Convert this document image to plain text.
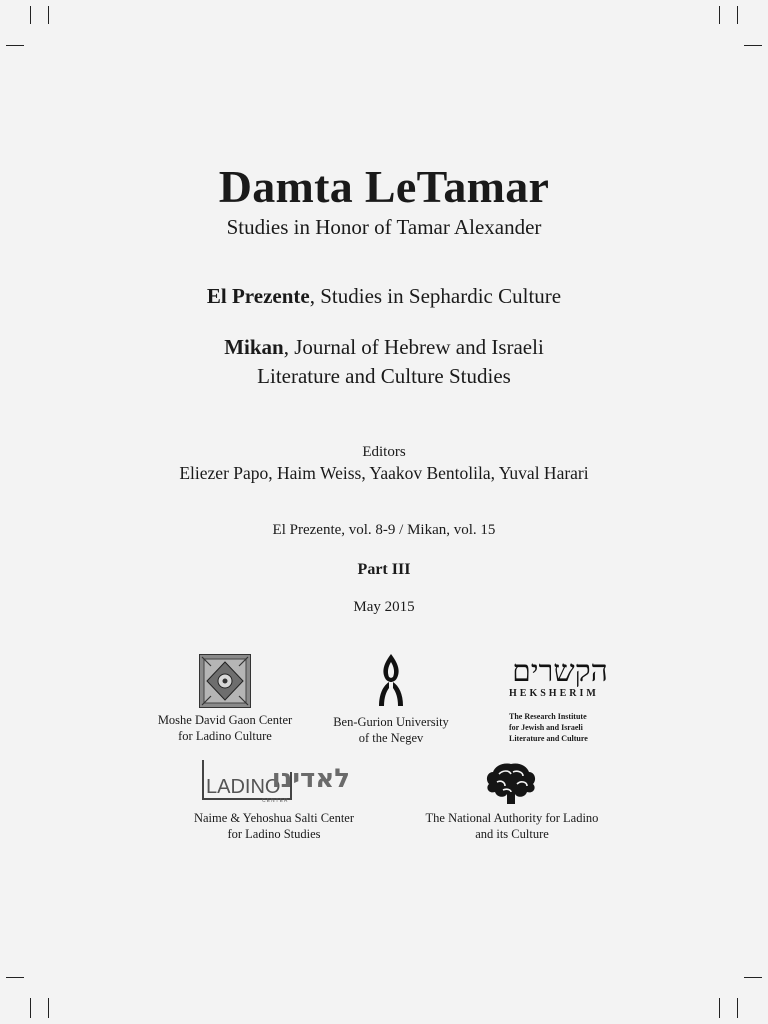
Damta LeTamar
Studies in Honor of Tamar Alexander
El Prezente, Studies in Sephardic Culture
Mikan, Journal of Hebrew and Israeli
Literature and Culture Studies
Editors
Eliezer Papo, Haim Weiss, Yaakov Bentolila, Yuval Harari
El Prezente, vol. 8-9 / Mikan, vol. 15
Part III
May 2015
Moshe David Gaon Center
for Ladino Culture
Ben-Gurion University
of the Negev
הקשרים
HEKSHERIM
The Research Institute
for Jewish and Israeli
Literature and Culture
LADINO
לאדינו
CENTER
Naime & Yehoshua Salti Center
for Ladino Studies
The National Authority for Ladino
and its Culture
